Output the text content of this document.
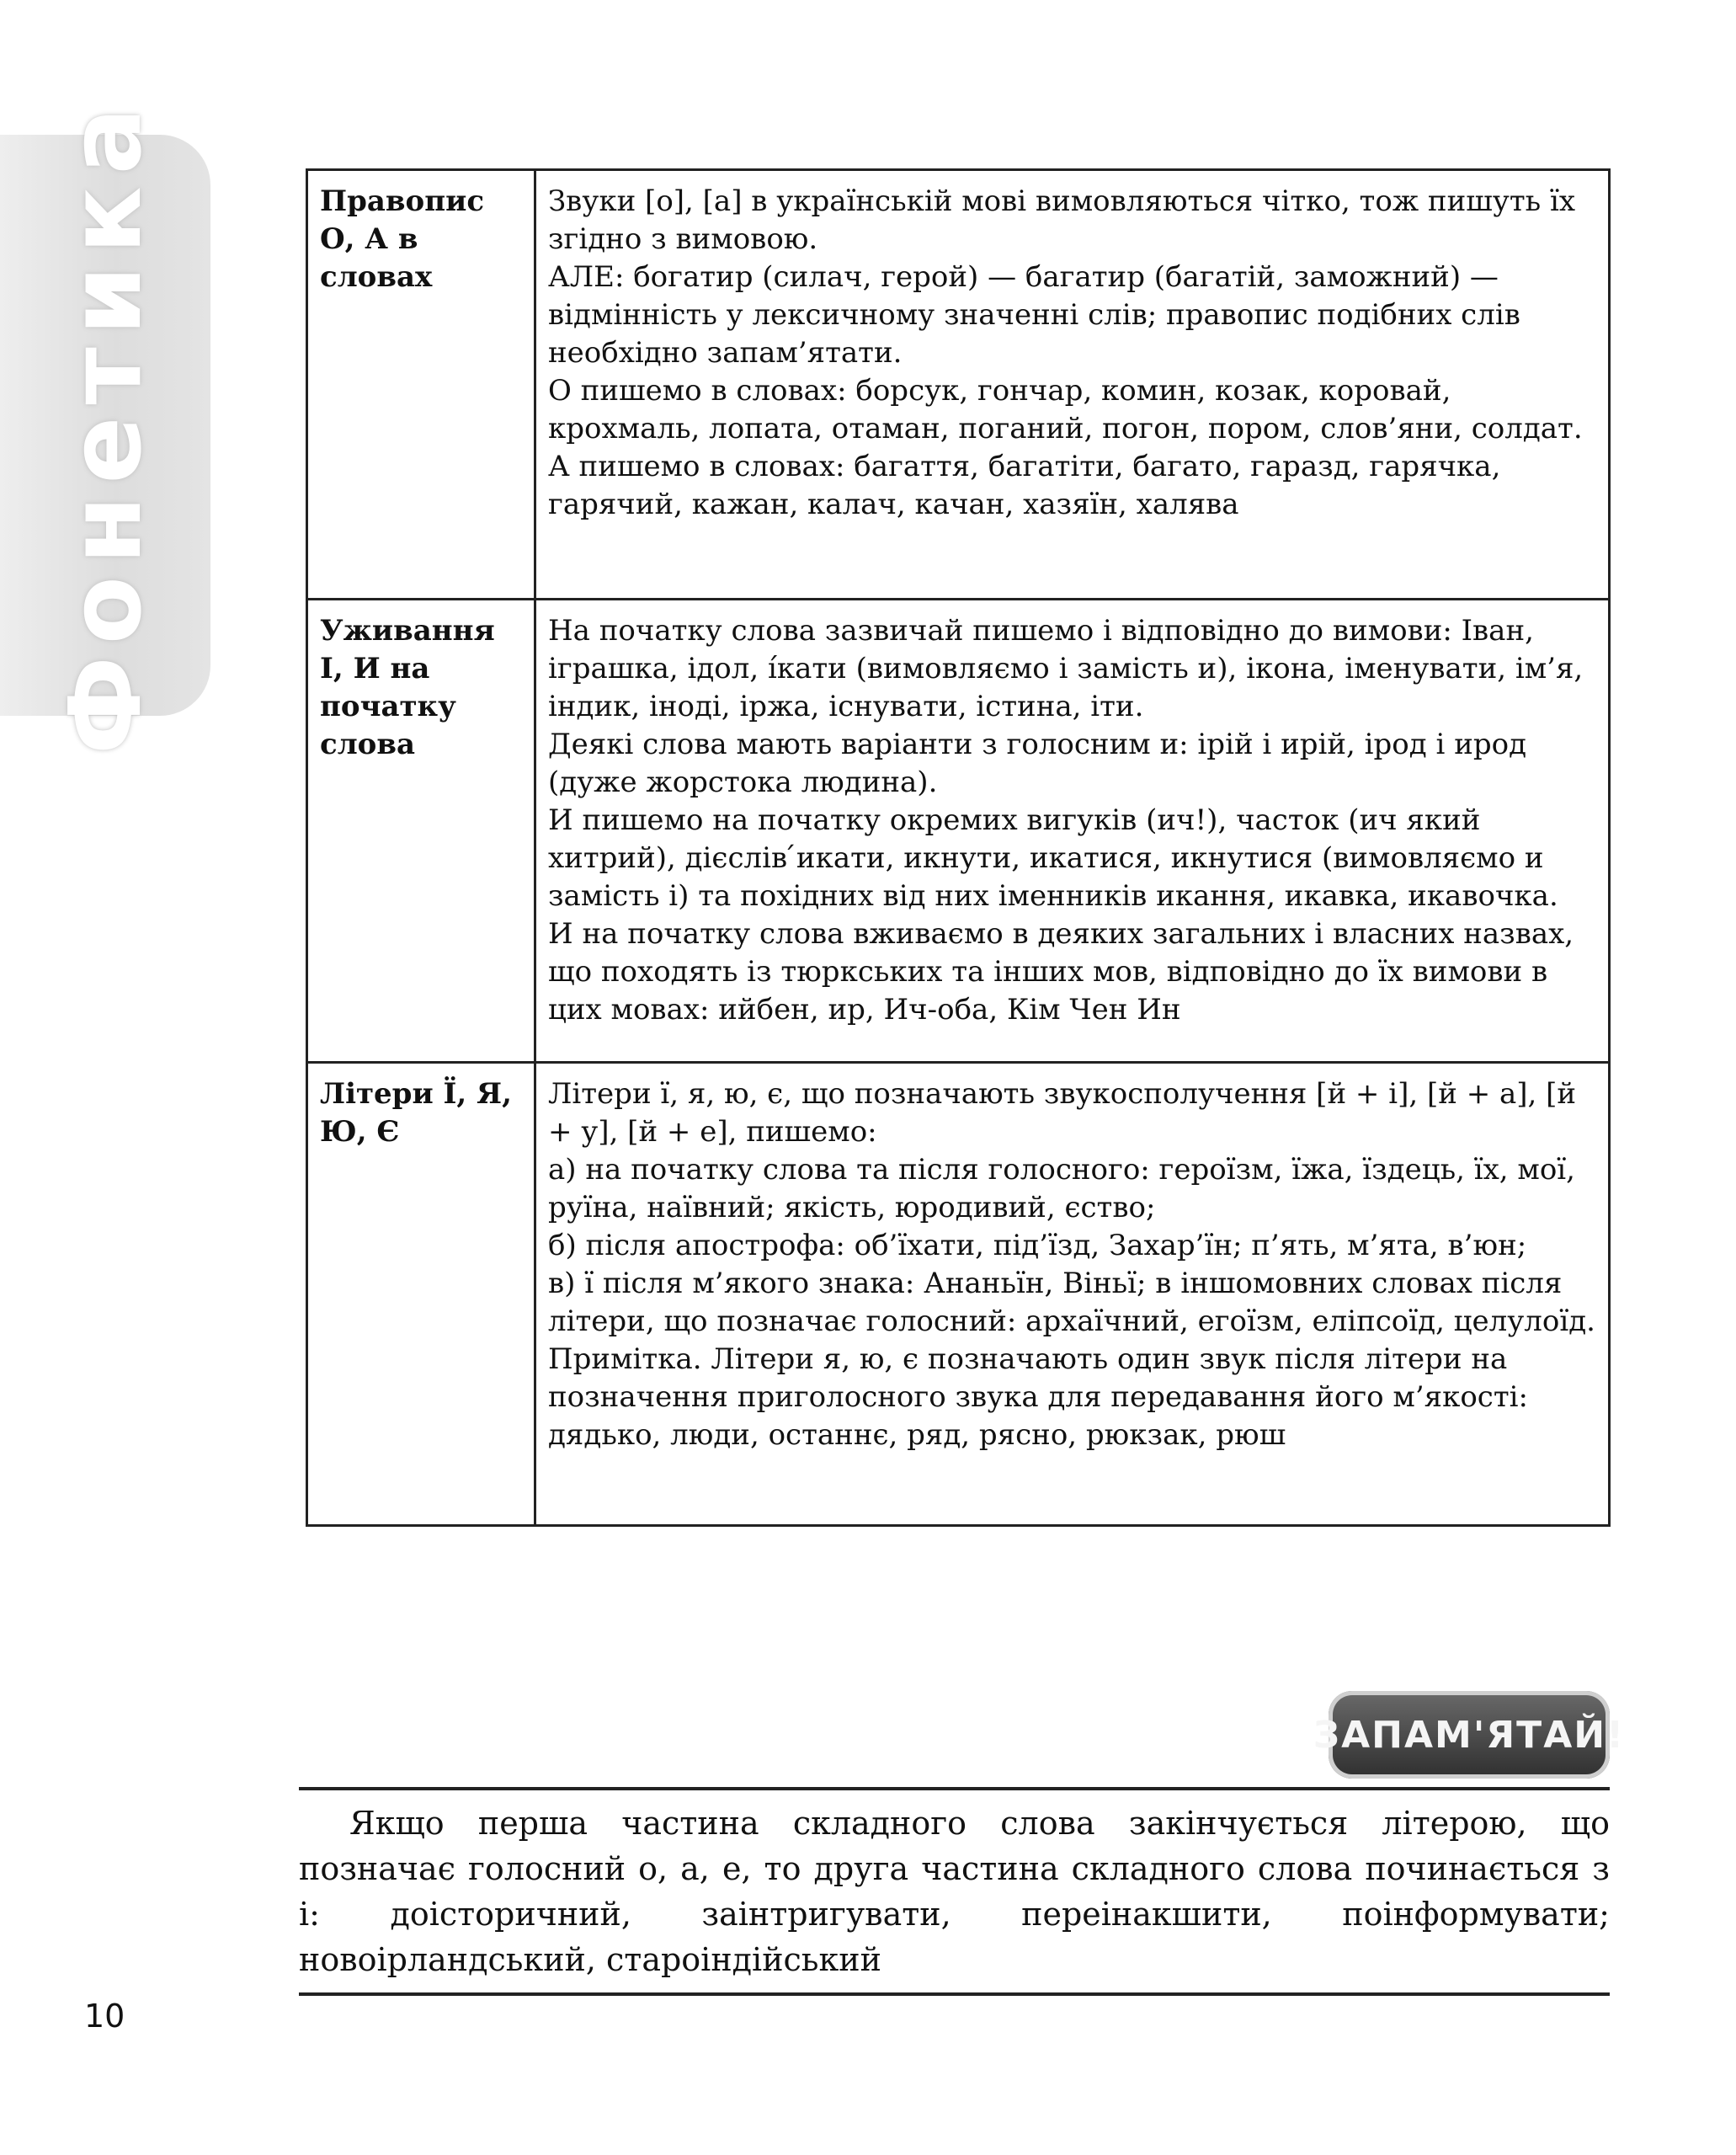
Фонетика	Правопис О, А в словах	Звуки [о], [а] в українській мові вимовляються чітко, тож пишуть їх згідно з вимовою.

АЛЕ: богатир (силач, герой) — багатир (багатій, заможний) — відмінність у лексичному значенні слів; правопис подібних слів необхідно запам’ятати.

О пишемо в словах: борсук, гончар, комин, козак, коровай, крохмаль, лопата, отаман, поганий, погон, пором, слов’яни, солдат.

А пишемо в словах: багаття, багатіти, багато, гаразд, гарячка, гарячий, кажан, калач, качан, хазяїн, халява

Уживання І, И на початку слова	На початку слова зазвичай пишемо і відповідно до вимови: Іван, іграшка, ідол, íкати (вимовляємо і замість и), ікона, іменувати, ім’я, індик, іноді, іржа, існувати, істина, іти.

Деякі слова мають варіанти з голосним и: ірій і ирій, ірод і ирод (дуже жорстока людина).

И пишемо на початку окремих вигуків (ич!), часток (ич який хитрий), дієслів ́икати, икнути, икатися, икнутися (вимовляємо и замість і) та похідних від них іменників икання, икавка, икавочка.

И на початку слова вживаємо в деяких загальних і власних назвах, що походять із тюркських та інших мов, відповідно до їх вимови в цих мовах: ийбен, ир, Ич-оба, Кім Чен Ин

Літери Ї, Я, Ю, Є	Літери ї, я, ю, є, що позначають звукосполучення [й + і], [й + а], [й + у], [й + е], пишемо:

а) на початку слова та після голосного: героїзм, їжа, їздець, їх, мої, руїна, наївний; якість, юродивий, єство;

б) після апострофа: об’їхати, під’їзд, Захар’їн; п’ять, м’ята, в’юн;

в) ї після м’якого знака: Ананьїн, Віньї; в іншомовних словах після літери, що позначає голосний: архаїчний, егоїзм, еліпсоїд, целулоїд.

Примітка. Літери я, ю, є позначають один звук після літери на позначення приголосного звука для передавання його м’якості: дядько, люди, останнє, ряд, рясно, рюкзак, рюш

ЗАПАМ'ЯТАЙ!

Якщо перша частина складного слова закінчується літерою, що позначає голосний о, а, е, то друга частина складного слова починається з і: доісторичний, заінтригувати, переінакшити, поінформувати; новоірландський, староіндійський

10
